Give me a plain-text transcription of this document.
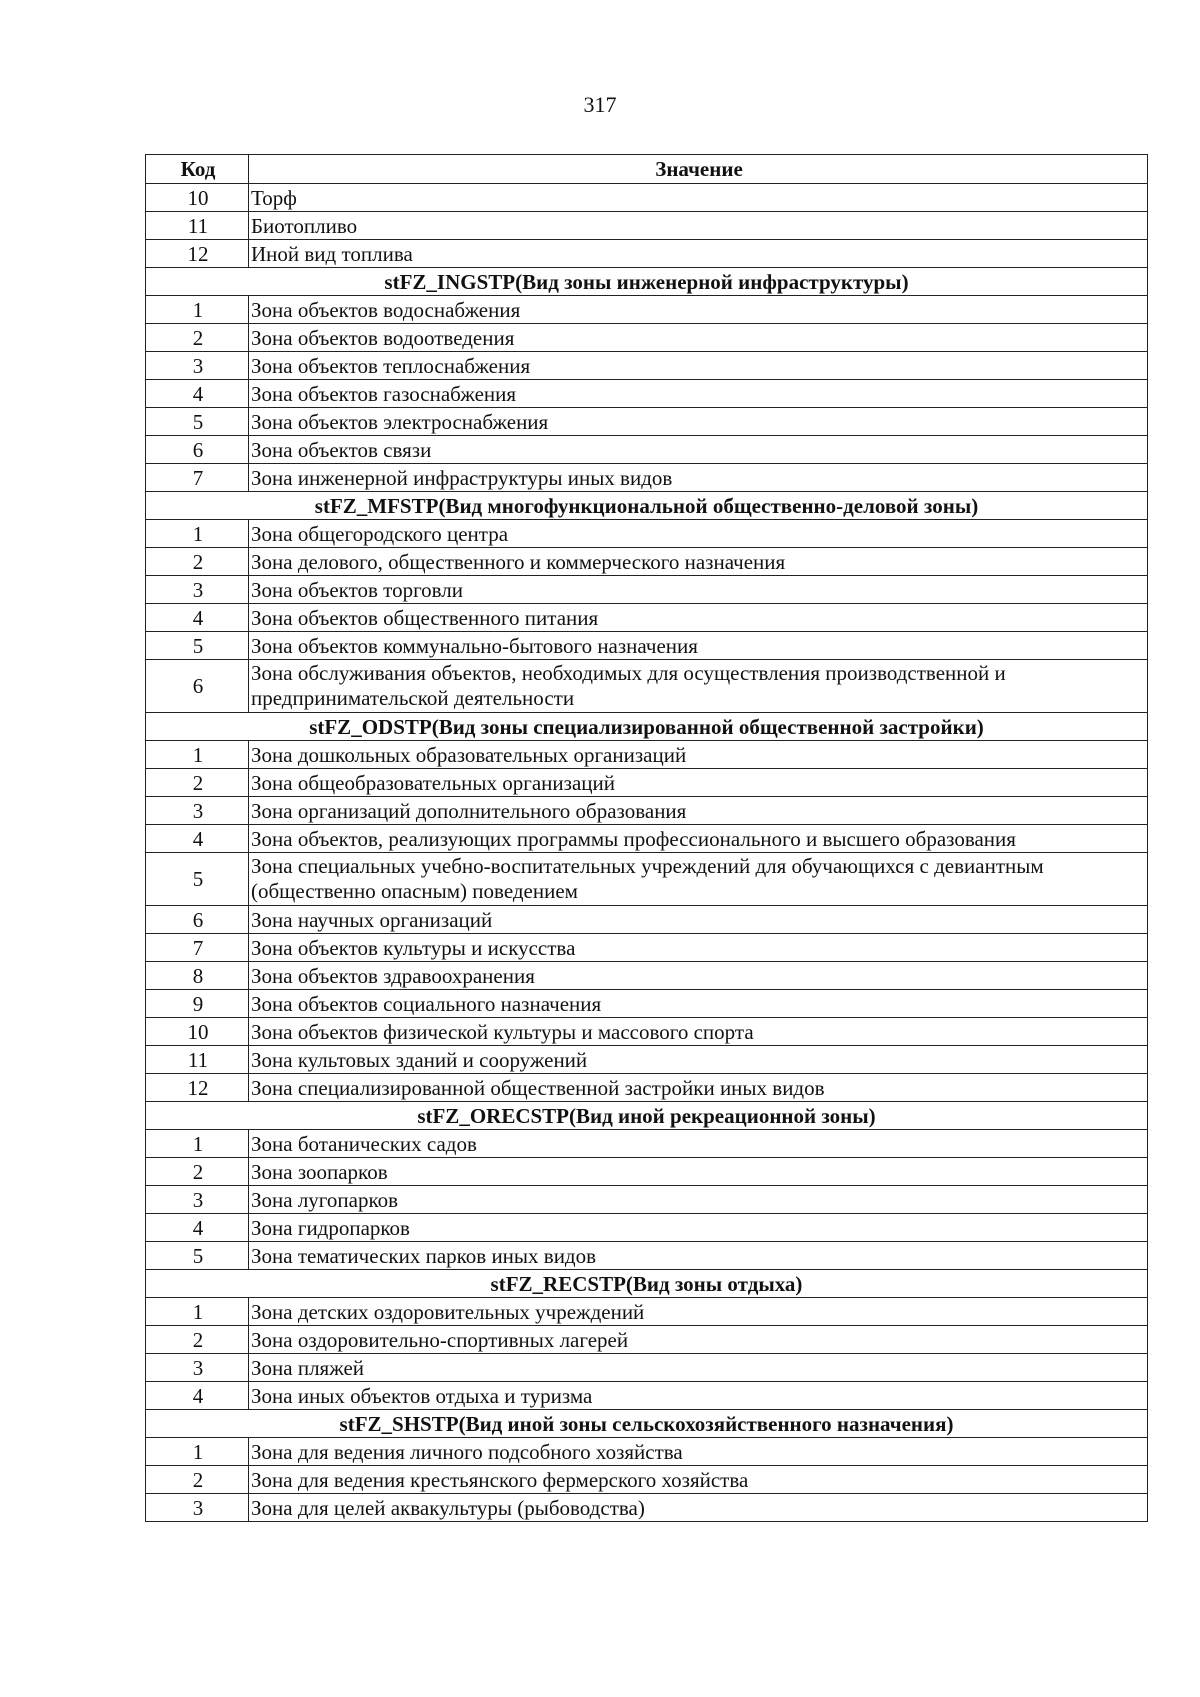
317
Код	Значение
10	Торф
11	Биотопливо
12	Иной вид топлива
stFZ_INGSTP(Вид зоны инженерной инфраструктуры)	
1	Зона объектов водоснабжения
2	Зона объектов водоотведения
3	Зона объектов теплоснабжения
4	Зона объектов газоснабжения
5	Зона объектов электроснабжения
6	Зона объектов связи
7	Зона инженерной инфраструктуры иных видов
stFZ_MFSTP(Вид многофункциональной общественно-деловой зоны)	
1	Зона общегородского центра
2	Зона делового, общественного и коммерческого назначения
3	Зона объектов торговли
4	Зона объектов общественного питания
5	Зона объектов коммунально-бытового назначения
6	Зона обслуживания объектов, необходимых для осуществления производственной и предпринимательской деятельности
stFZ_ODSTP(Вид зоны специализированной общественной застройки)	
1	Зона дошкольных образовательных организаций
2	Зона общеобразовательных организаций
3	Зона организаций дополнительного образования
4	Зона объектов, реализующих программы профессионального и высшего образования
5	Зона специальных учебно-воспитательных учреждений для обучающихся с девиантным (общественно опасным) поведением
6	Зона научных организаций
7	Зона объектов культуры и искусства
8	Зона объектов здравоохранения
9	Зона объектов социального назначения
10	Зона объектов физической культуры и массового спорта
11	Зона культовых зданий и сооружений
12	Зона специализированной общественной застройки иных видов
stFZ_ORECSTP(Вид иной рекреационной зоны)	
1	Зона ботанических садов
2	Зона зоопарков
3	Зона лугопарков
4	Зона гидропарков
5	Зона тематических парков иных видов
stFZ_RECSTP(Вид зоны отдыха)	
1	Зона детских оздоровительных учреждений
2	Зона оздоровительно-спортивных лагерей
3	Зона пляжей
4	Зона иных объектов отдыха и туризма
stFZ_SHSTP(Вид иной зоны сельскохозяйственного назначения)	
1	Зона для ведения личного подсобного хозяйства
2	Зона для ведения крестьянского фермерского хозяйства
3	Зона для целей аквакультуры (рыбоводства)
